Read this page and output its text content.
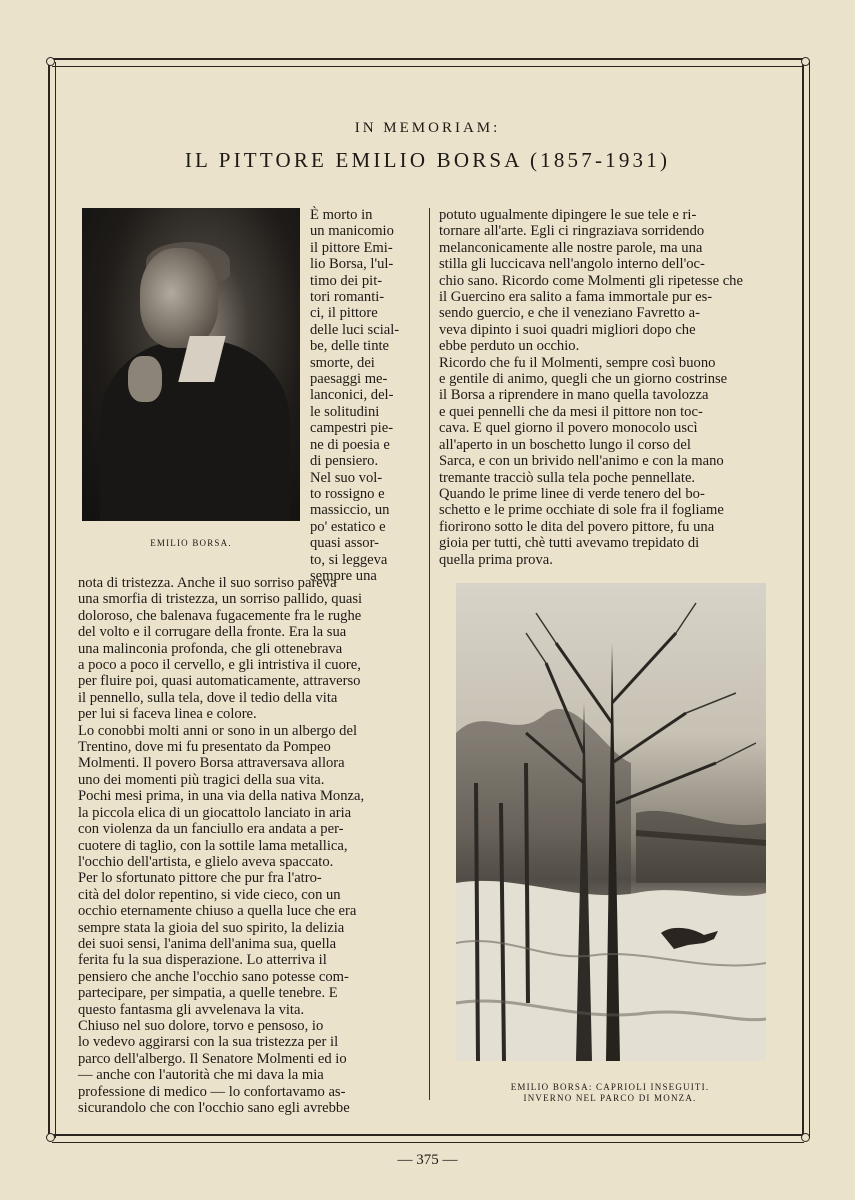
IN MEMORIAM:
IL PITTORE EMILIO BORSA (1857-1931)
EMILIO BORSA.
È morto in
un manicomio
il pittore Emi-
lio Borsa, l'ul-
timo dei pit-
tori romanti-
ci, il pittore
delle luci scial-
be, delle tinte
smorte, dei
paesaggi me-
lanconici, del-
le solitudini
campestri pie-
ne di poesia e
di pensiero.
Nel suo vol-
to rossigno e
massiccio, un
po' estatico e
quasi assor-
to, si leggeva
sempre una
nota di tristezza. Anche il suo sorriso pareva
una smorfia di tristezza, un sorriso pallido, quasi
doloroso, che balenava fugacemente fra le rughe
del volto e il corrugare della fronte. Era la sua
una malinconia profonda, che gli ottenebrava
a poco a poco il cervello, e gli intristiva il cuore,
per fluire poi, quasi automaticamente, attraverso
il pennello, sulla tela, dove il tedio della vita
per lui si faceva linea e colore.
Lo conobbi molti anni or sono in un albergo del
Trentino, dove mi fu presentato da Pompeo
Molmenti. Il povero Borsa attraversava allora
uno dei momenti più tragici della sua vita.
Pochi mesi prima, in una via della nativa Monza,
la piccola elica di un giocattolo lanciato in aria
con violenza da un fanciullo era andata a per-
cuotere di taglio, con la sottile lama metallica,
l'occhio dell'artista, e glielo aveva spaccato.
Per lo sfortunato pittore che pur fra l'atro-
cità del dolor repentino, si vide cieco, con un
occhio eternamente chiuso a quella luce che era
sempre stata la gioia del suo spirito, la delizia
dei suoi sensi, l'anima dell'anima sua, quella
ferita fu la sua disperazione. Lo atterriva il
pensiero che anche l'occhio sano potesse com-
partecipare, per simpatia, a quelle tenebre. E
questo fantasma gli avvelenava la vita.
Chiuso nel suo dolore, torvo e pensoso, io
lo vedevo aggirarsi con la sua tristezza per il
parco dell'albergo. Il Senatore Molmenti ed io
— anche con l'autorità che mi dava la mia
professione di medico — lo confortavamo as-
sicurandolo che con l'occhio sano egli avrebbe
potuto ugualmente dipingere le sue tele e ri-
tornare all'arte. Egli ci ringraziava sorridendo
melanconicamente alle nostre parole, ma una
stilla gli luccicava nell'angolo interno dell'oc-
chio sano. Ricordo come Molmenti gli ripetesse che
il Guercino era salito a fama immortale pur es-
sendo guercio, e che il veneziano Favretto a-
veva dipinto i suoi quadri migliori dopo che
ebbe perduto un occhio.
Ricordo che fu il Molmenti, sempre così buono
e gentile di animo, quegli che un giorno costrinse
il Borsa a riprendere in mano quella tavolozza
e quei pennelli che da mesi il pittore non toc-
cava. E quel giorno il povero monocolo uscì
all'aperto in un boschetto lungo il corso del
Sarca, e con un brivido nell'animo e con la mano
tremante tracciò sulla tela poche pennellate.
Quando le prime linee di verde tenero del bo-
schetto e le prime occhiate di sole fra il fogliame
fiorirono sotto le dita del povero pittore, fu una
gioia per tutti, chè tutti avevamo trepidato di
quella prima prova.
EMILIO BORSA: CAPRIOLI INSEGUITI.
INVERNO NEL PARCO DI MONZA.
— 375 —
